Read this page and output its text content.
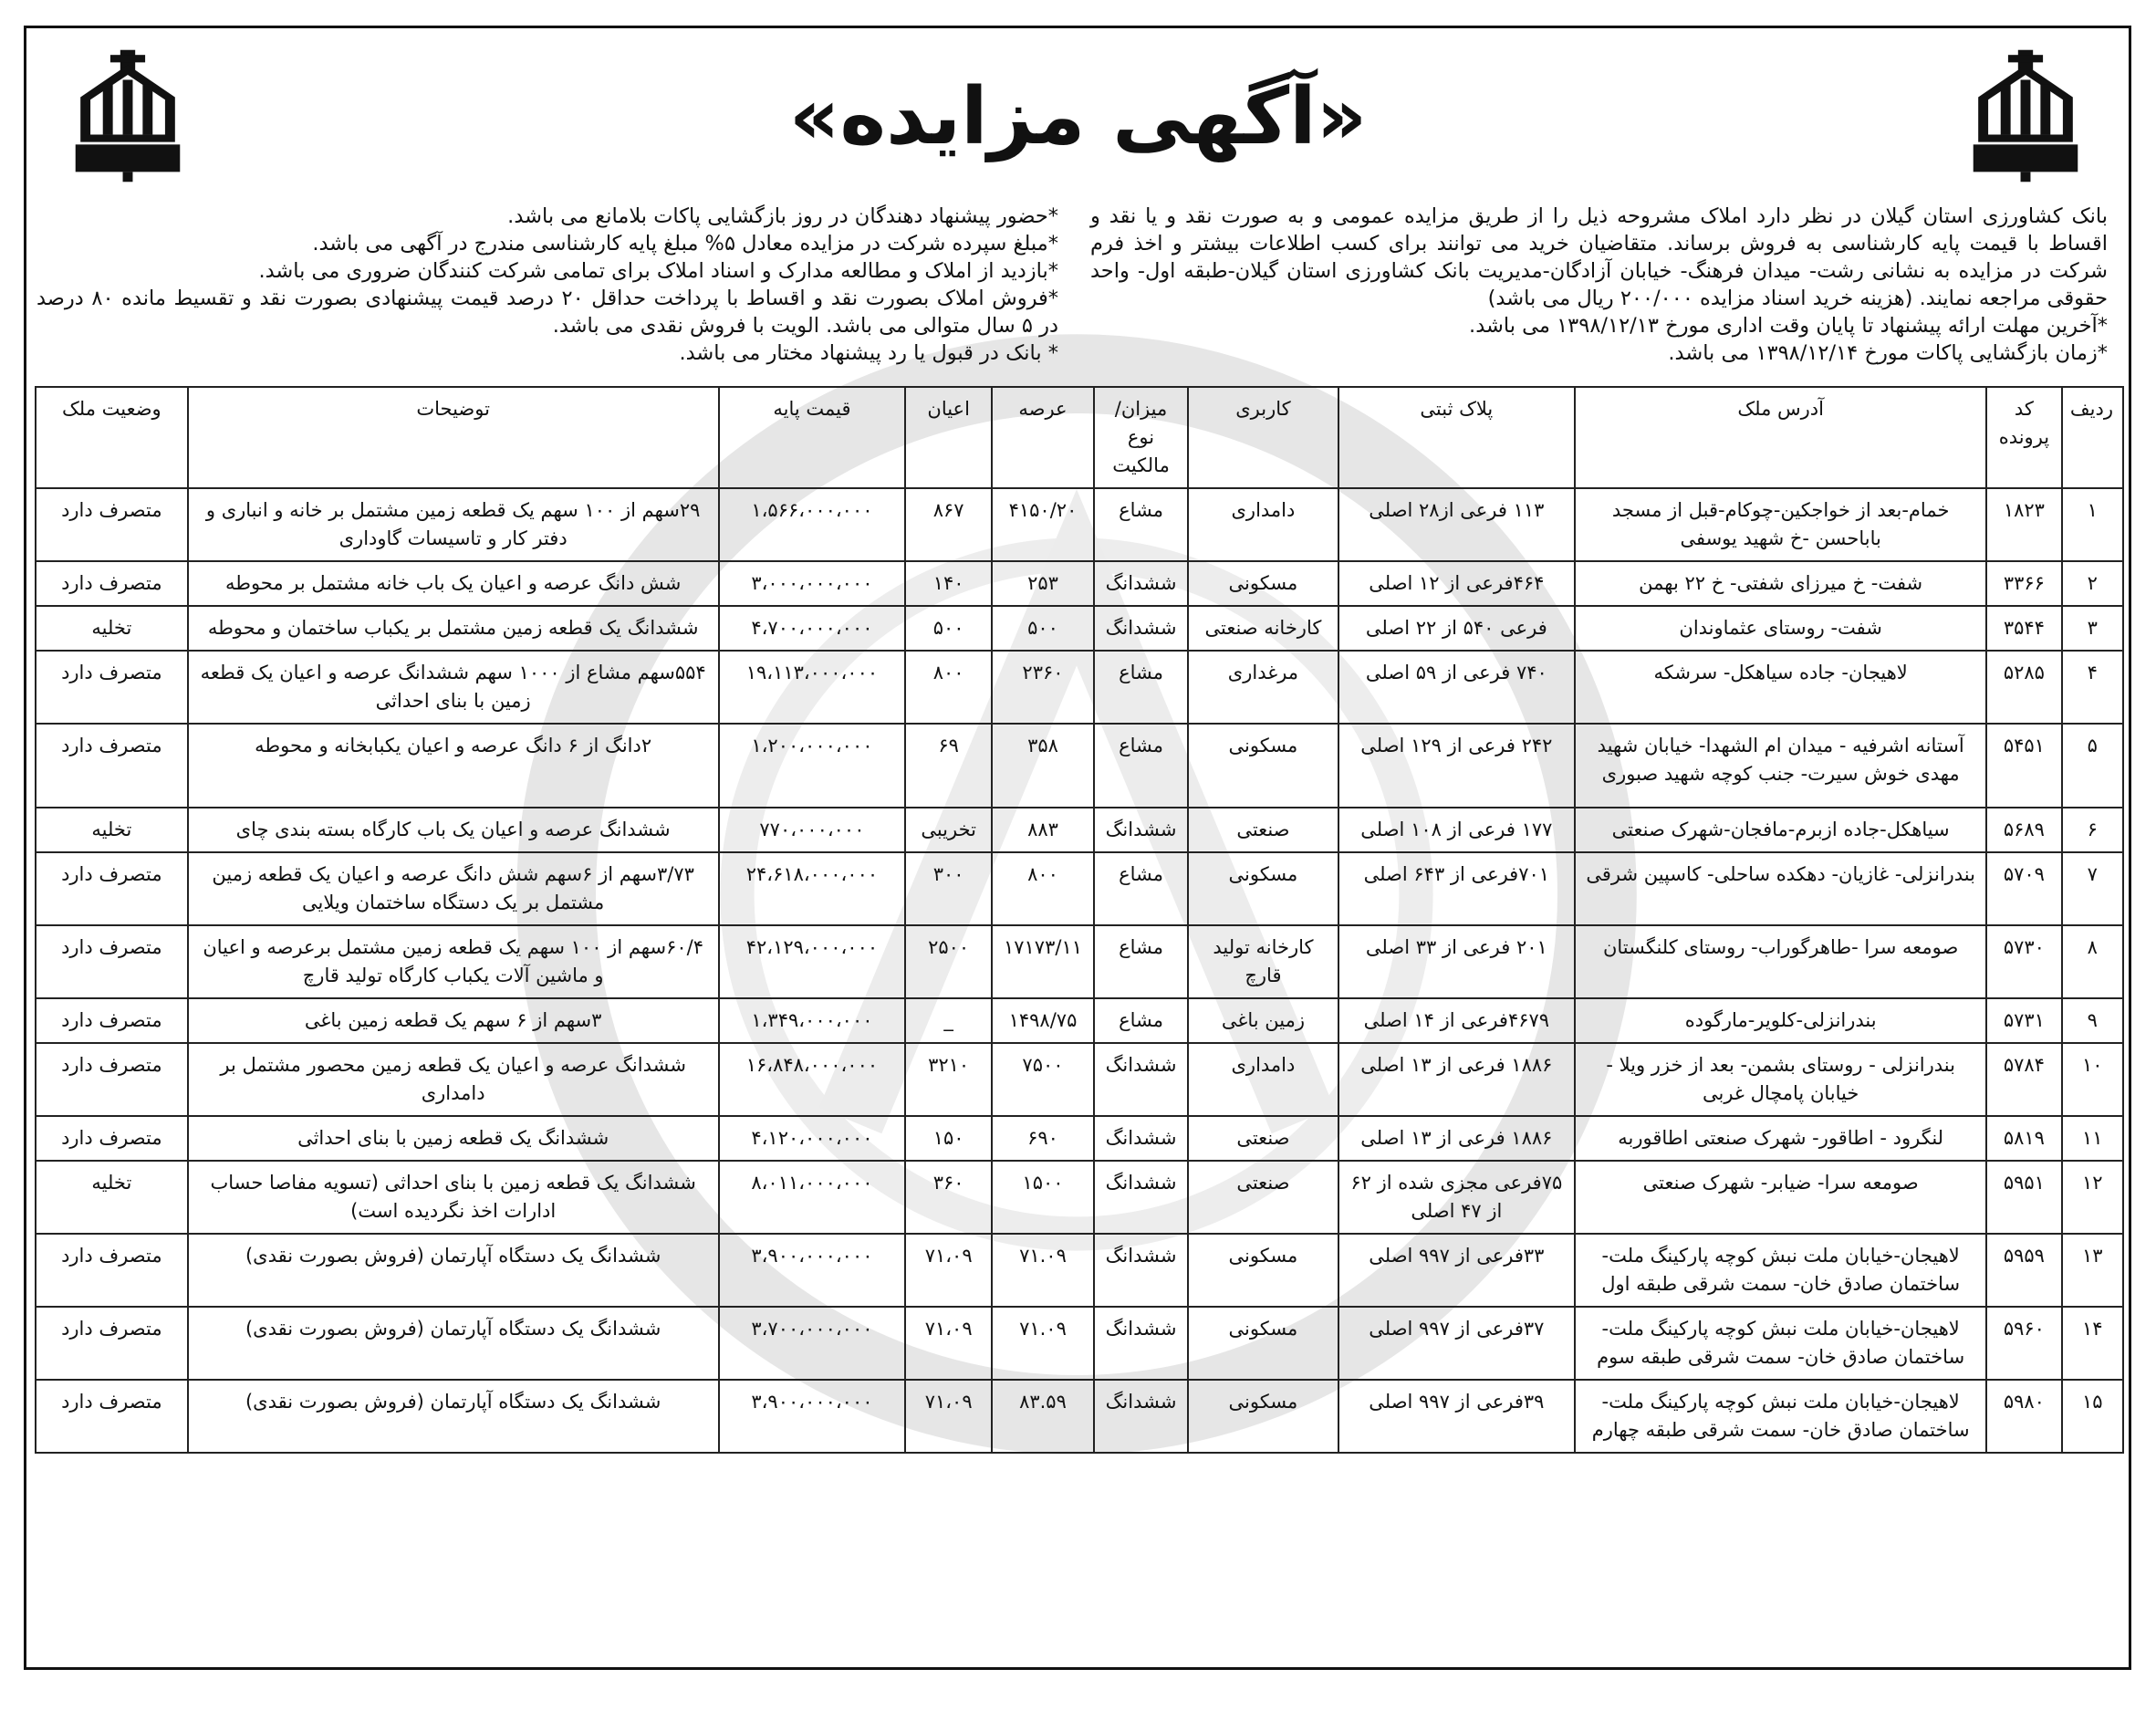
«آگهی مزایده»

بانک کشاورزی استان گیلان در نظر دارد املاک مشروحه ذیل را از طریق مزایده عمومی و به صورت نقد و یا نقد و اقساط با قیمت پایه کارشناسی به فروش برساند. متقاضیان خرید می توانند برای کسب اطلاعات بیشتر و اخذ فرم شرکت در مزایده به نشانی رشت- میدان فرهنگ- خیابان آزادگان-مدیریت بانک کشاورزی استان گیلان-طبقه اول- واحد حقوقی مراجعه نمایند. (هزینه خرید اسناد مزایده ۲۰۰/۰۰۰ ریال می باشد)

*آخرین مهلت ارائه پیشنهاد تا پایان وقت اداری مورخ ۱۳۹۸/۱۲/۱۳ می باشد.

*زمان بازگشایی پاکات مورخ ۱۳۹۸/۱۲/۱۴ می باشد.

*حضور پیشنهاد دهندگان در روز بازگشایی پاکات بلامانع می باشد.

*مبلغ سپرده شرکت در مزایده معادل ۵% مبلغ پایه کارشناسی مندرج در آگهی می باشد.

*بازدید از املاک و مطالعه مدارک و اسناد املاک برای تمامی شرکت کنندگان ضروری می باشد.

*فروش املاک بصورت نقد و اقساط با پرداخت حداقل ۲۰ درصد قیمت پیشنهادی بصورت نقد و تقسیط مانده ۸۰ درصد در ۵ سال متوالی می باشد. الویت با فروش نقدی می باشد.

* بانک در قبول یا رد پیشنهاد مختار می باشد.

ردیف	کد پرونده	آدرس ملک	پلاک ثبتی	کاربری	میزان/نوع مالکیت	عرصه	اعیان	قیمت پایه	توضیحات	وضعیت ملک
۱	۱۸۲۳	خمام-بعد از خواجکین-چوکام-قبل از مسجد باباحسن -خ شهید یوسفی	۱۱۳ فرعی از۲۸ اصلی	دامداری	مشاع	۴۱۵۰/۲۰	۸۶۷	۱،۵۶۶،۰۰۰،۰۰۰	۲۹سهم از ۱۰۰ سهم یک قطعه زمین مشتمل بر خانه و انباری و دفتر کار و تاسیسات گاوداری	متصرف دارد
۲	۳۳۶۶	شفت- خ میرزای شفتی- خ ۲۲ بهمن	۴۶۴فرعی از ۱۲ اصلی	مسکونی	ششدانگ	۲۵۳	۱۴۰	۳،۰۰۰،۰۰۰،۰۰۰	شش دانگ عرصه و اعیان یک باب خانه مشتمل بر محوطه	متصرف دارد
۳	۳۵۴۴	شفت- روستای عثماوندان	فرعی ۵۴۰ از ۲۲ اصلی	کارخانه صنعتی	ششدانگ	۵۰۰	۵۰۰	۴،۷۰۰،۰۰۰،۰۰۰	ششدانگ یک قطعه زمین مشتمل بر یکباب ساختمان و محوطه	تخلیه
۴	۵۲۸۵	لاهیجان- جاده سیاهکل- سرشکه	۷۴۰ فرعی از ۵۹ اصلی	مرغداری	مشاع	۲۳۶۰	۸۰۰	۱۹،۱۱۳،۰۰۰،۰۰۰	۵۵۴سهم مشاع از ۱۰۰۰ سهم ششدانگ عرصه و اعیان یک قطعه زمین با بنای احداثی	متصرف دارد
۵	۵۴۵۱	آستانه اشرفیه - میدان ام الشهدا- خیابان شهید مهدی خوش سیرت- جنب کوچه شهید صبوری	۲۴۲ فرعی از ۱۲۹ اصلی	مسکونی	مشاع	۳۵۸	۶۹	۱،۲۰۰،۰۰۰،۰۰۰	۲دانگ از ۶ دانگ عرصه و اعیان یکبابخانه و محوطه	متصرف دارد
۶	۵۶۸۹	سیاهکل-جاده ازبرم-مافجان-شهرک صنعتی	۱۷۷ فرعی از ۱۰۸ اصلی	صنعتی	ششدانگ	۸۸۳	تخریبی	۷۷۰،۰۰۰،۰۰۰	ششدانگ عرصه و اعیان یک باب کارگاه بسته بندی چای	تخلیه
۷	۵۷۰۹	بندرانزلی- غازیان- دهکده ساحلی- کاسپین شرقی	۷۰۱فرعی از ۶۴۳ اصلی	مسکونی	مشاع	۸۰۰	۳۰۰	۲۴،۶۱۸،۰۰۰،۰۰۰	۳/۷۳سهم از ۶سهم شش دانگ عرصه و اعیان یک قطعه زمین مشتمل بر یک دستگاه ساختمان ویلایی	متصرف دارد
۸	۵۷۳۰	صومعه سرا -طاهرگوراب- روستای کلنگستان	۲۰۱ فرعی از ۳۳ اصلی	کارخانه تولید قارچ	مشاع	۱۷۱۷۳/۱۱	۲۵۰۰	۴۲،۱۲۹،۰۰۰،۰۰۰	۶۰/۴سهم از ۱۰۰ سهم یک قطعه زمین مشتمل برعرصه و اعیان و ماشین آلات یکباب کارگاه تولید قارچ	متصرف دارد
۹	۵۷۳۱	بندرانزلی-کلویر-مارگوده	۴۶۷۹فرعی از ۱۴ اصلی	زمین باغی	مشاع	۱۴۹۸/۷۵	_	۱،۳۴۹،۰۰۰،۰۰۰	۳سهم از ۶ سهم یک قطعه زمین باغی	متصرف دارد
۱۰	۵۷۸۴	بندرانزلی - روستای بشمن- بعد از خزر ویلا - خیابان پامچال غربی	۱۸۸۶ فرعی از ۱۳ اصلی	دامداری	ششدانگ	۷۵۰۰	۳۲۱۰	۱۶،۸۴۸،۰۰۰،۰۰۰	ششدانگ عرصه و اعیان یک قطعه زمین محصور مشتمل بر دامداری	متصرف دارد
۱۱	۵۸۱۹	لنگرود - اطاقور- شهرک صنعتی اطاقوربه	۱۸۸۶ فرعی از ۱۳ اصلی	صنعتی	ششدانگ	۶۹۰	۱۵۰	۴،۱۲۰،۰۰۰،۰۰۰	ششدانگ یک قطعه زمین با بنای احداثی	متصرف دارد
۱۲	۵۹۵۱	صومعه سرا- ضیابر- شهرک صنعتی	۷۵فرعی مجزی شده از ۶۲ از ۴۷ اصلی	صنعتی	ششدانگ	۱۵۰۰	۳۶۰	۸،۰۱۱،۰۰۰،۰۰۰	ششدانگ یک قطعه زمین با بنای احداثی (تسویه مفاصا حساب ادارات اخذ نگردیده است)	تخلیه
۱۳	۵۹۵۹	لاهیجان-خیابان ملت نبش کوچه پارکینگ ملت-ساختمان صادق خان- سمت شرقی طبقه اول	۳۳فرعی از ۹۹۷ اصلی	مسکونی	ششدانگ	۷۱.۰۹	۷۱،۰۹	۳،۹۰۰،۰۰۰،۰۰۰	ششدانگ یک دستگاه آپارتمان (فروش بصورت نقدی)	متصرف دارد
۱۴	۵۹۶۰	لاهیجان-خیابان ملت نبش کوچه پارکینگ ملت-ساختمان صادق خان- سمت شرقی طبقه سوم	۳۷فرعی از ۹۹۷ اصلی	مسکونی	ششدانگ	۷۱.۰۹	۷۱،۰۹	۳،۷۰۰،۰۰۰،۰۰۰	ششدانگ یک دستگاه آپارتمان (فروش بصورت نقدی)	متصرف دارد
۱۵	۵۹۸۰	لاهیجان-خیابان ملت نبش کوچه پارکینگ ملت-ساختمان صادق خان- سمت شرقی طبقه چهارم	۳۹فرعی از ۹۹۷ اصلی	مسکونی	ششدانگ	۸۳.۵۹	۷۱،۰۹	۳،۹۰۰،۰۰۰،۰۰۰	ششدانگ یک دستگاه آپارتمان (فروش بصورت نقدی)	متصرف دارد
